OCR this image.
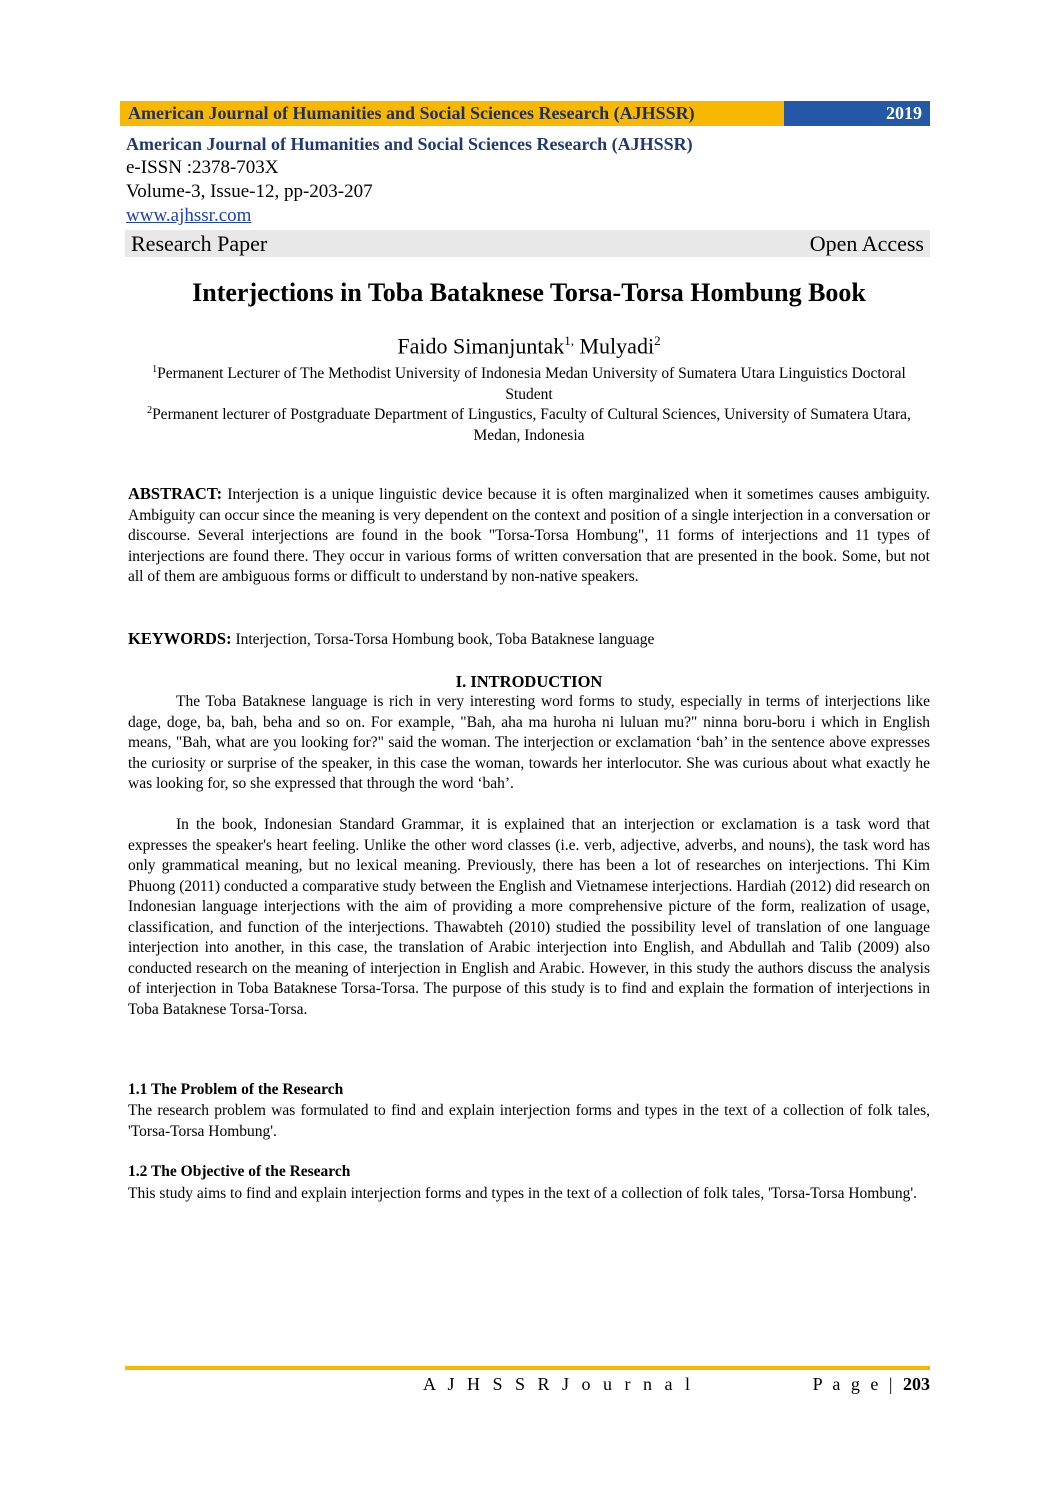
American Journal of Humanities and Social Sciences Research (AJHSSR)	2019
American Journal of Humanities and Social Sciences Research (AJHSSR)
e-ISSN :2378-703X
Volume-3, Issue-12, pp-203-207
www.ajhssr.com
Research Paper	Open Access
Interjections in Toba Bataknese Torsa-Torsa Hombung Book
Faido Simanjuntak$^{1,}$ Mulyadi$^2$
$^1$Permanent Lecturer of The Methodist University of Indonesia Medan University of Sumatera Utara Linguistics Doctoral Student
$^2$Permanent lecturer of Postgraduate Department of Lingustics, Faculty of Cultural Sciences, University of Sumatera Utara, Medan, Indonesia
ABSTRACT: Interjection is a unique linguistic device because it is often marginalized when it sometimes causes ambiguity. Ambiguity can occur since the meaning is very dependent on the context and position of a single interjection in a conversation or discourse. Several interjections are found in the book "Torsa-Torsa Hombung", 11 forms of interjections and 11 types of interjections are found there. They occur in various forms of written conversation that are presented in the book. Some, but not all of them are ambiguous forms or difficult to understand by non-native speakers.
KEYWORDS: Interjection, Torsa-Torsa Hombung book, Toba Bataknese language
I. INTRODUCTION
The Toba Bataknese language is rich in very interesting word forms to study, especially in terms of interjections like dage, doge, ba, bah, beha and so on. For example, "Bah, aha ma huroha ni luluan mu?" ninna boru-boru i which in English means, "Bah, what are you looking for?" said the woman. The interjection or exclamation ‘bah’ in the sentence above expresses the curiosity or surprise of the speaker, in this case the woman, towards her interlocutor. She was curious about what exactly he was looking for, so she expressed that through the word ‘bah’.
In the book, Indonesian Standard Grammar, it is explained that an interjection or exclamation is a task word that expresses the speaker's heart feeling. Unlike the other word classes (i.e. verb, adjective, adverbs, and nouns), the task word has only grammatical meaning, but no lexical meaning. Previously, there has been a lot of researches on interjections. Thi Kim Phuong (2011) conducted a comparative study between the English and Vietnamese interjections. Hardiah (2012) did research on Indonesian language interjections with the aim of providing a more comprehensive picture of the form, realization of usage, classification, and function of the interjections. Thawabteh (2010) studied the possibility level of translation of one language interjection into another, in this case, the translation of Arabic interjection into English, and Abdullah and Talib (2009) also conducted research on the meaning of interjection in English and Arabic. However, in this study the authors discuss the analysis of interjection in Toba Bataknese Torsa-Torsa. The purpose of this study is to find and explain the formation of interjections in Toba Bataknese Torsa-Torsa.
1.1 The Problem of the Research
The research problem was formulated to find and explain interjection forms and types in the text of a collection of folk tales, 'Torsa-Torsa Hombung'.
1.2 The Objective of the Research
This study aims to find and explain interjection forms and types in the text of a collection of folk tales, 'Torsa-Torsa Hombung'.
A J H S S R J o u r n a l	P a g e | 203
